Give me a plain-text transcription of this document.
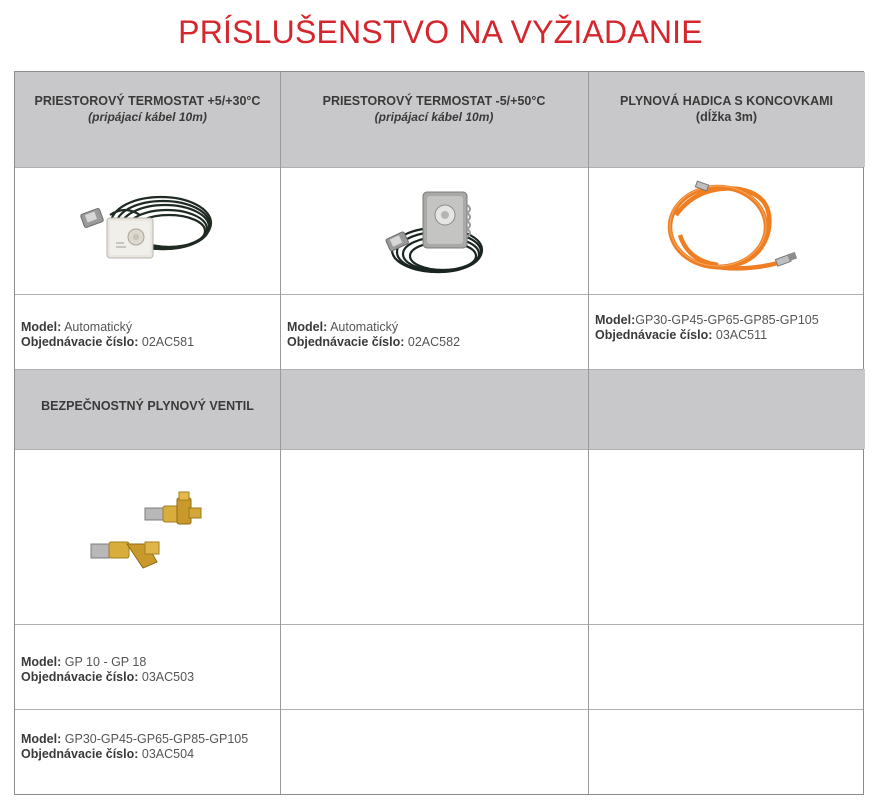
PRÍSLUŠENSTVO NA VYŽIADANIE
PRIESTOROVÝ TERMOSTAT +5/+30°C
(pripájací kábel 10m)
PRIESTOROVÝ TERMOSTAT -5/+50°C
(pripájací kábel 10m)
PLYNOVÁ HADICA S KONCOVKAMI
(dĺžka 3m)
BEZPEČNOSTNÝ PLYNOVÝ VENTIL
Model: Automatický
Objednávacie číslo: 02AC581
Model: Automatický
Objednávacie číslo: 02AC582
Model:GP30-GP45-GP65-GP85-GP105
Objednávacie číslo: 03AC511
Model: GP 10 - GP 18
Objednávacie číslo: 03AC503
Model: GP30-GP45-GP65-GP85-GP105
Objednávacie číslo: 03AC504
